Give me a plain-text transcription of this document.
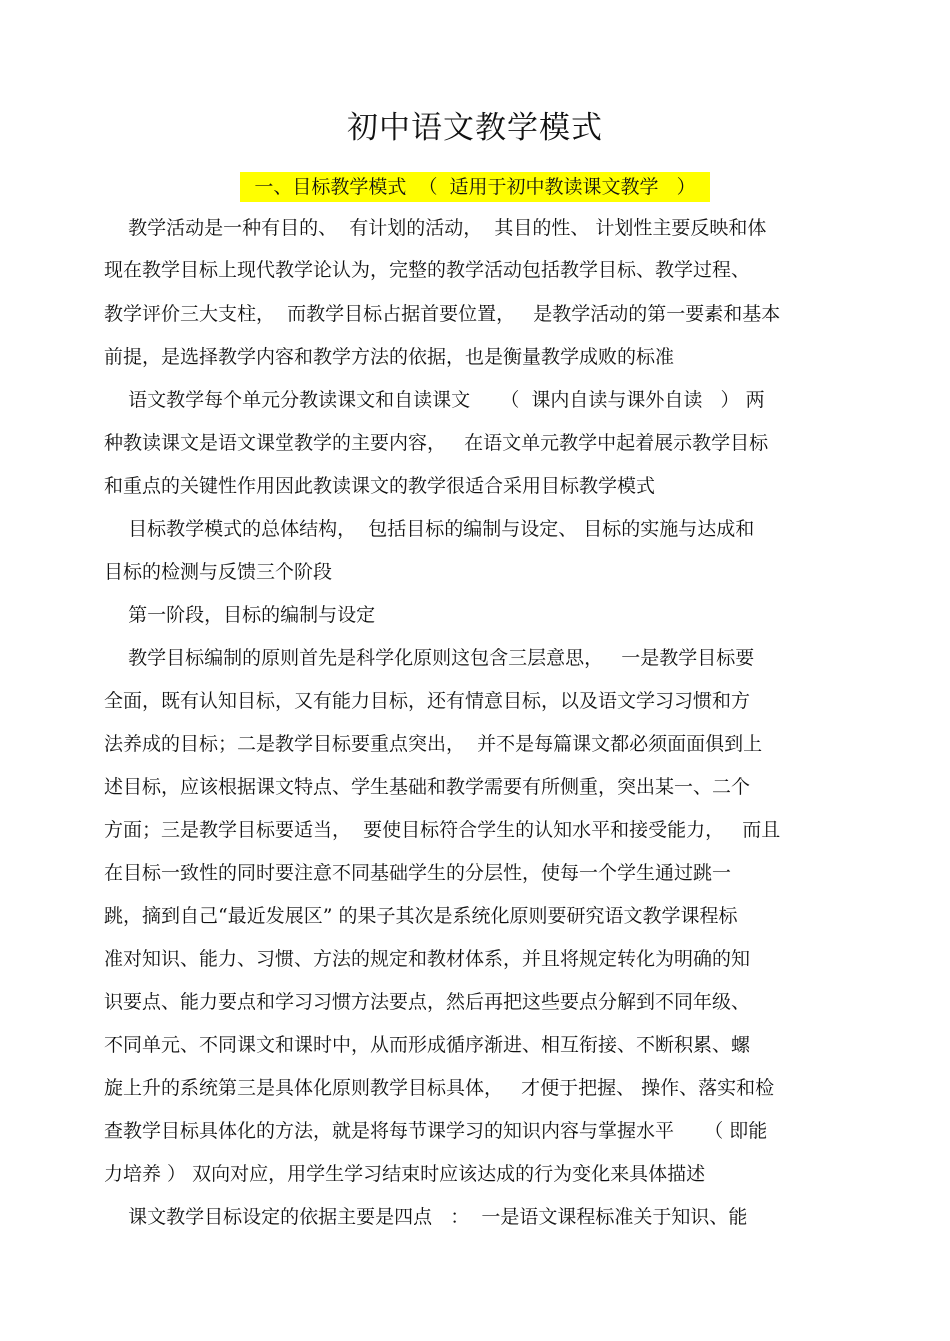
初中语文教学模式
一、目标教学模式  （  适用于初中教读课文教学   ）
教学活动是一种有目的、  有计划的活动，  其目的性、 计划性主要反映和体
现在教学目标上现代教学论认为，完整的教学活动包括教学目标、教学过程、
教学评价三大支柱，  而教学目标占据首要位置，   是教学活动的第一要素和基本
前提，是选择教学内容和教学方法的依据，也是衡量教学成败的标准
语文教学每个单元分教读课文和自读课文     （  课内自读与课外自读   ） 两
种教读课文是语文课堂教学的主要内容，   在语文单元教学中起着展示教学目标
和重点的关键性作用因此教读课文的教学很适合采用目标教学模式
目标教学模式的总体结构，  包括目标的编制与设定、 目标的实施与达成和
目标的检测与反馈三个阶段
第一阶段，目标的编制与设定
教学目标编制的原则首先是科学化原则这包含三层意思，   一是教学目标要
全面，既有认知目标，又有能力目标，还有情意目标，以及语文学习习惯和方
法养成的目标；二是教学目标要重点突出，  并不是每篇课文都必须面面俱到上
述目标，应该根据课文特点、学生基础和教学需要有所侧重，突出某一、二个
方面；三是教学目标要适当，  要使目标符合学生的认知水平和接受能力，   而且
在目标一致性的同时要注意不同基础学生的分层性，使每一个学生通过跳一
跳，摘到自己“最近发展区” 的果子其次是系统化原则要研究语文教学课程标
准对知识、能力、习惯、方法的规定和教材体系，并且将规定转化为明确的知
识要点、能力要点和学习习惯方法要点，然后再把这些要点分解到不同年级、
不同单元、不同课文和课时中，从而形成循序渐进、相互衔接、不断积累、螺
旋上升的系统第三是具体化原则教学目标具体，   才便于把握、 操作、落实和检
查教学目标具体化的方法，就是将每节课学习的知识内容与掌握水平     （ 即能
力培养 ） 双向对应，用学生学习结束时应该达成的行为变化来具体描述
课文教学目标设定的依据主要是四点   ：  一是语文课程标准关于知识、能
